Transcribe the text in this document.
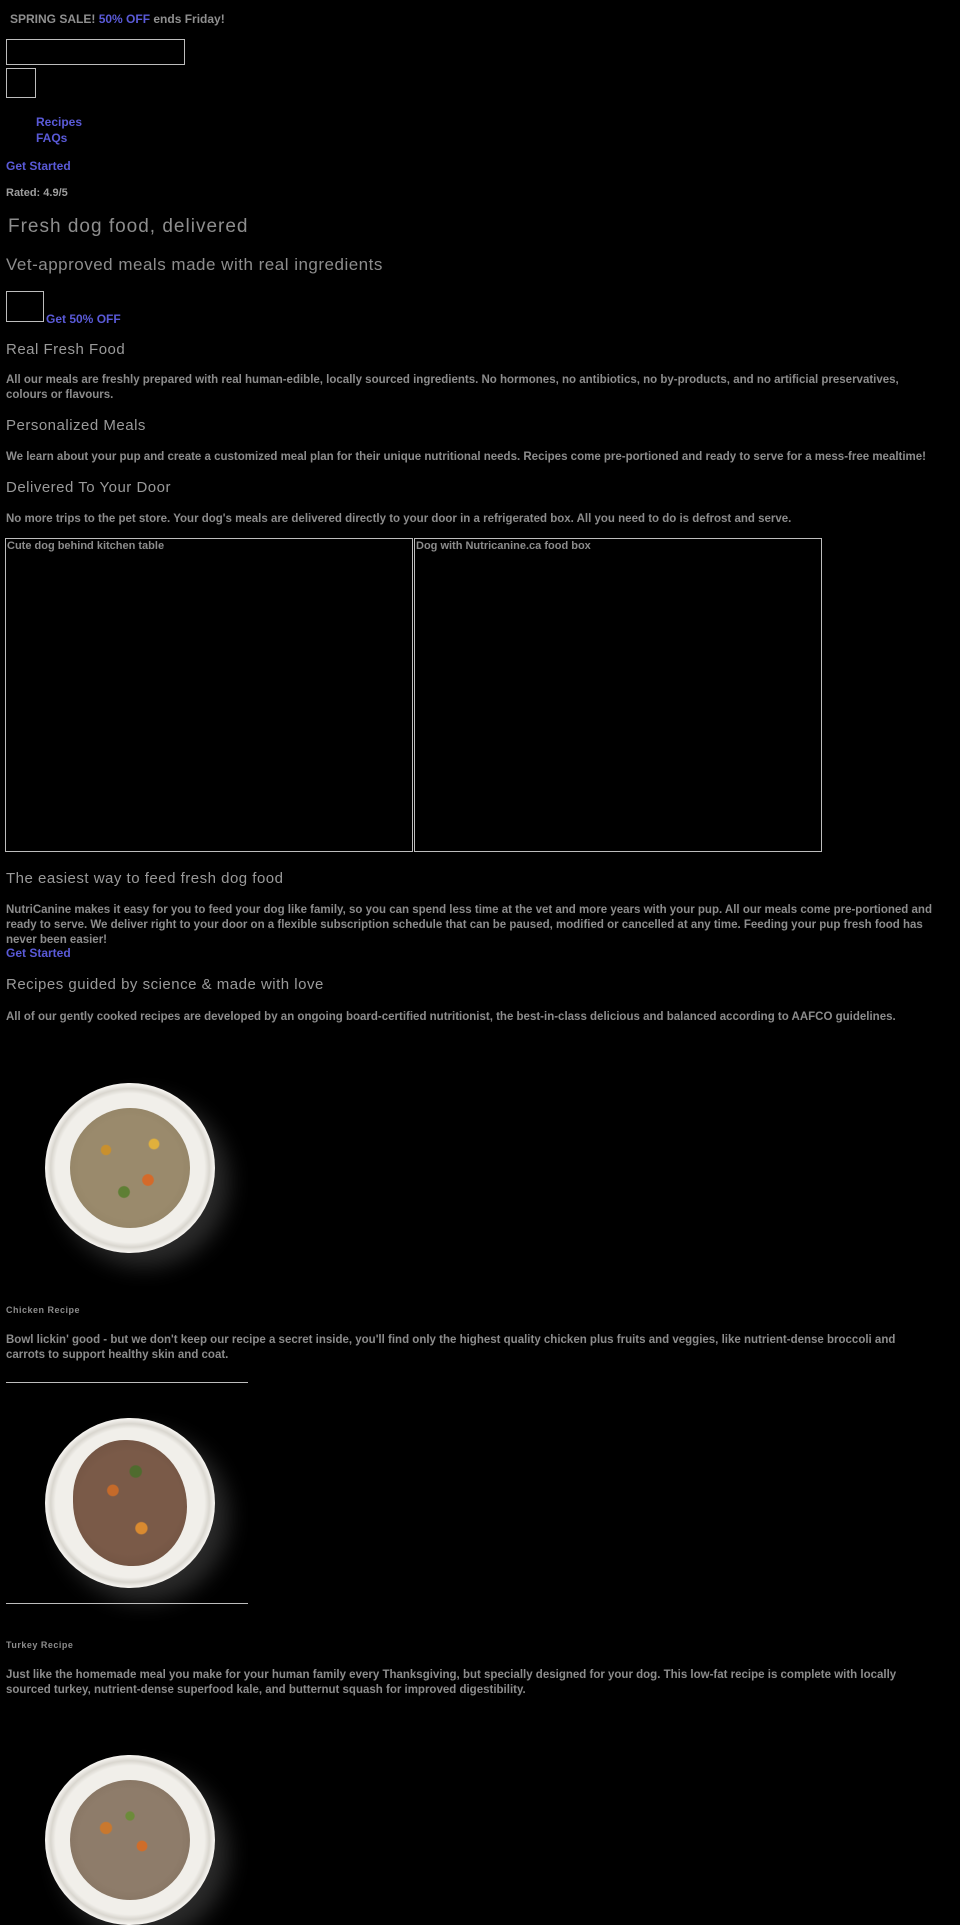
SPRING SALE! 50% OFF ends Friday!
Recipes
FAQs
Get Started
Rated: 4.9/5
Fresh dog food, delivered
Vet-approved meals made with real ingredients
Get 50% OFF
Real Fresh Food
All our meals are freshly prepared with real human-edible, locally sourced ingredients. No hormones, no antibiotics, no by-products, and no artificial preservatives, colours or flavours.
Personalized Meals
We learn about your pup and create a customized meal plan for their unique nutritional needs. Recipes come pre-portioned and ready to serve for a mess-free mealtime!
Delivered To Your Door
No more trips to the pet store. Your dog's meals are delivered directly to your door in a refrigerated box. All you need to do is defrost and serve.
Cute dog behind kitchen table	Dog with Nutricanine.ca food box
The easiest way to feed fresh dog food
NutriCanine makes it easy for you to feed your dog like family, so you can spend less time at the vet and more years with your pup. All our meals come pre-portioned and ready to serve. We deliver right to your door on a flexible subscription schedule that can be paused, modified or cancelled at any time. Feeding your pup fresh food has never been easier!
Get Started
Recipes guided by science & made with love
All of our gently cooked recipes are developed by an ongoing board-certified nutritionist, the best-in-class delicious and balanced according to AAFCO guidelines.
Chicken Recipe
Bowl lickin' good - but we don't keep our recipe a secret inside, you'll find only the highest quality chicken plus fruits and veggies, like nutrient-dense broccoli and carrots to support healthy skin and coat.
Turkey Recipe
Just like the homemade meal you make for your human family every Thanksgiving, but specially designed for your dog. This low-fat recipe is complete with locally sourced turkey, nutrient-dense superfood kale, and butternut squash for improved digestibility.
